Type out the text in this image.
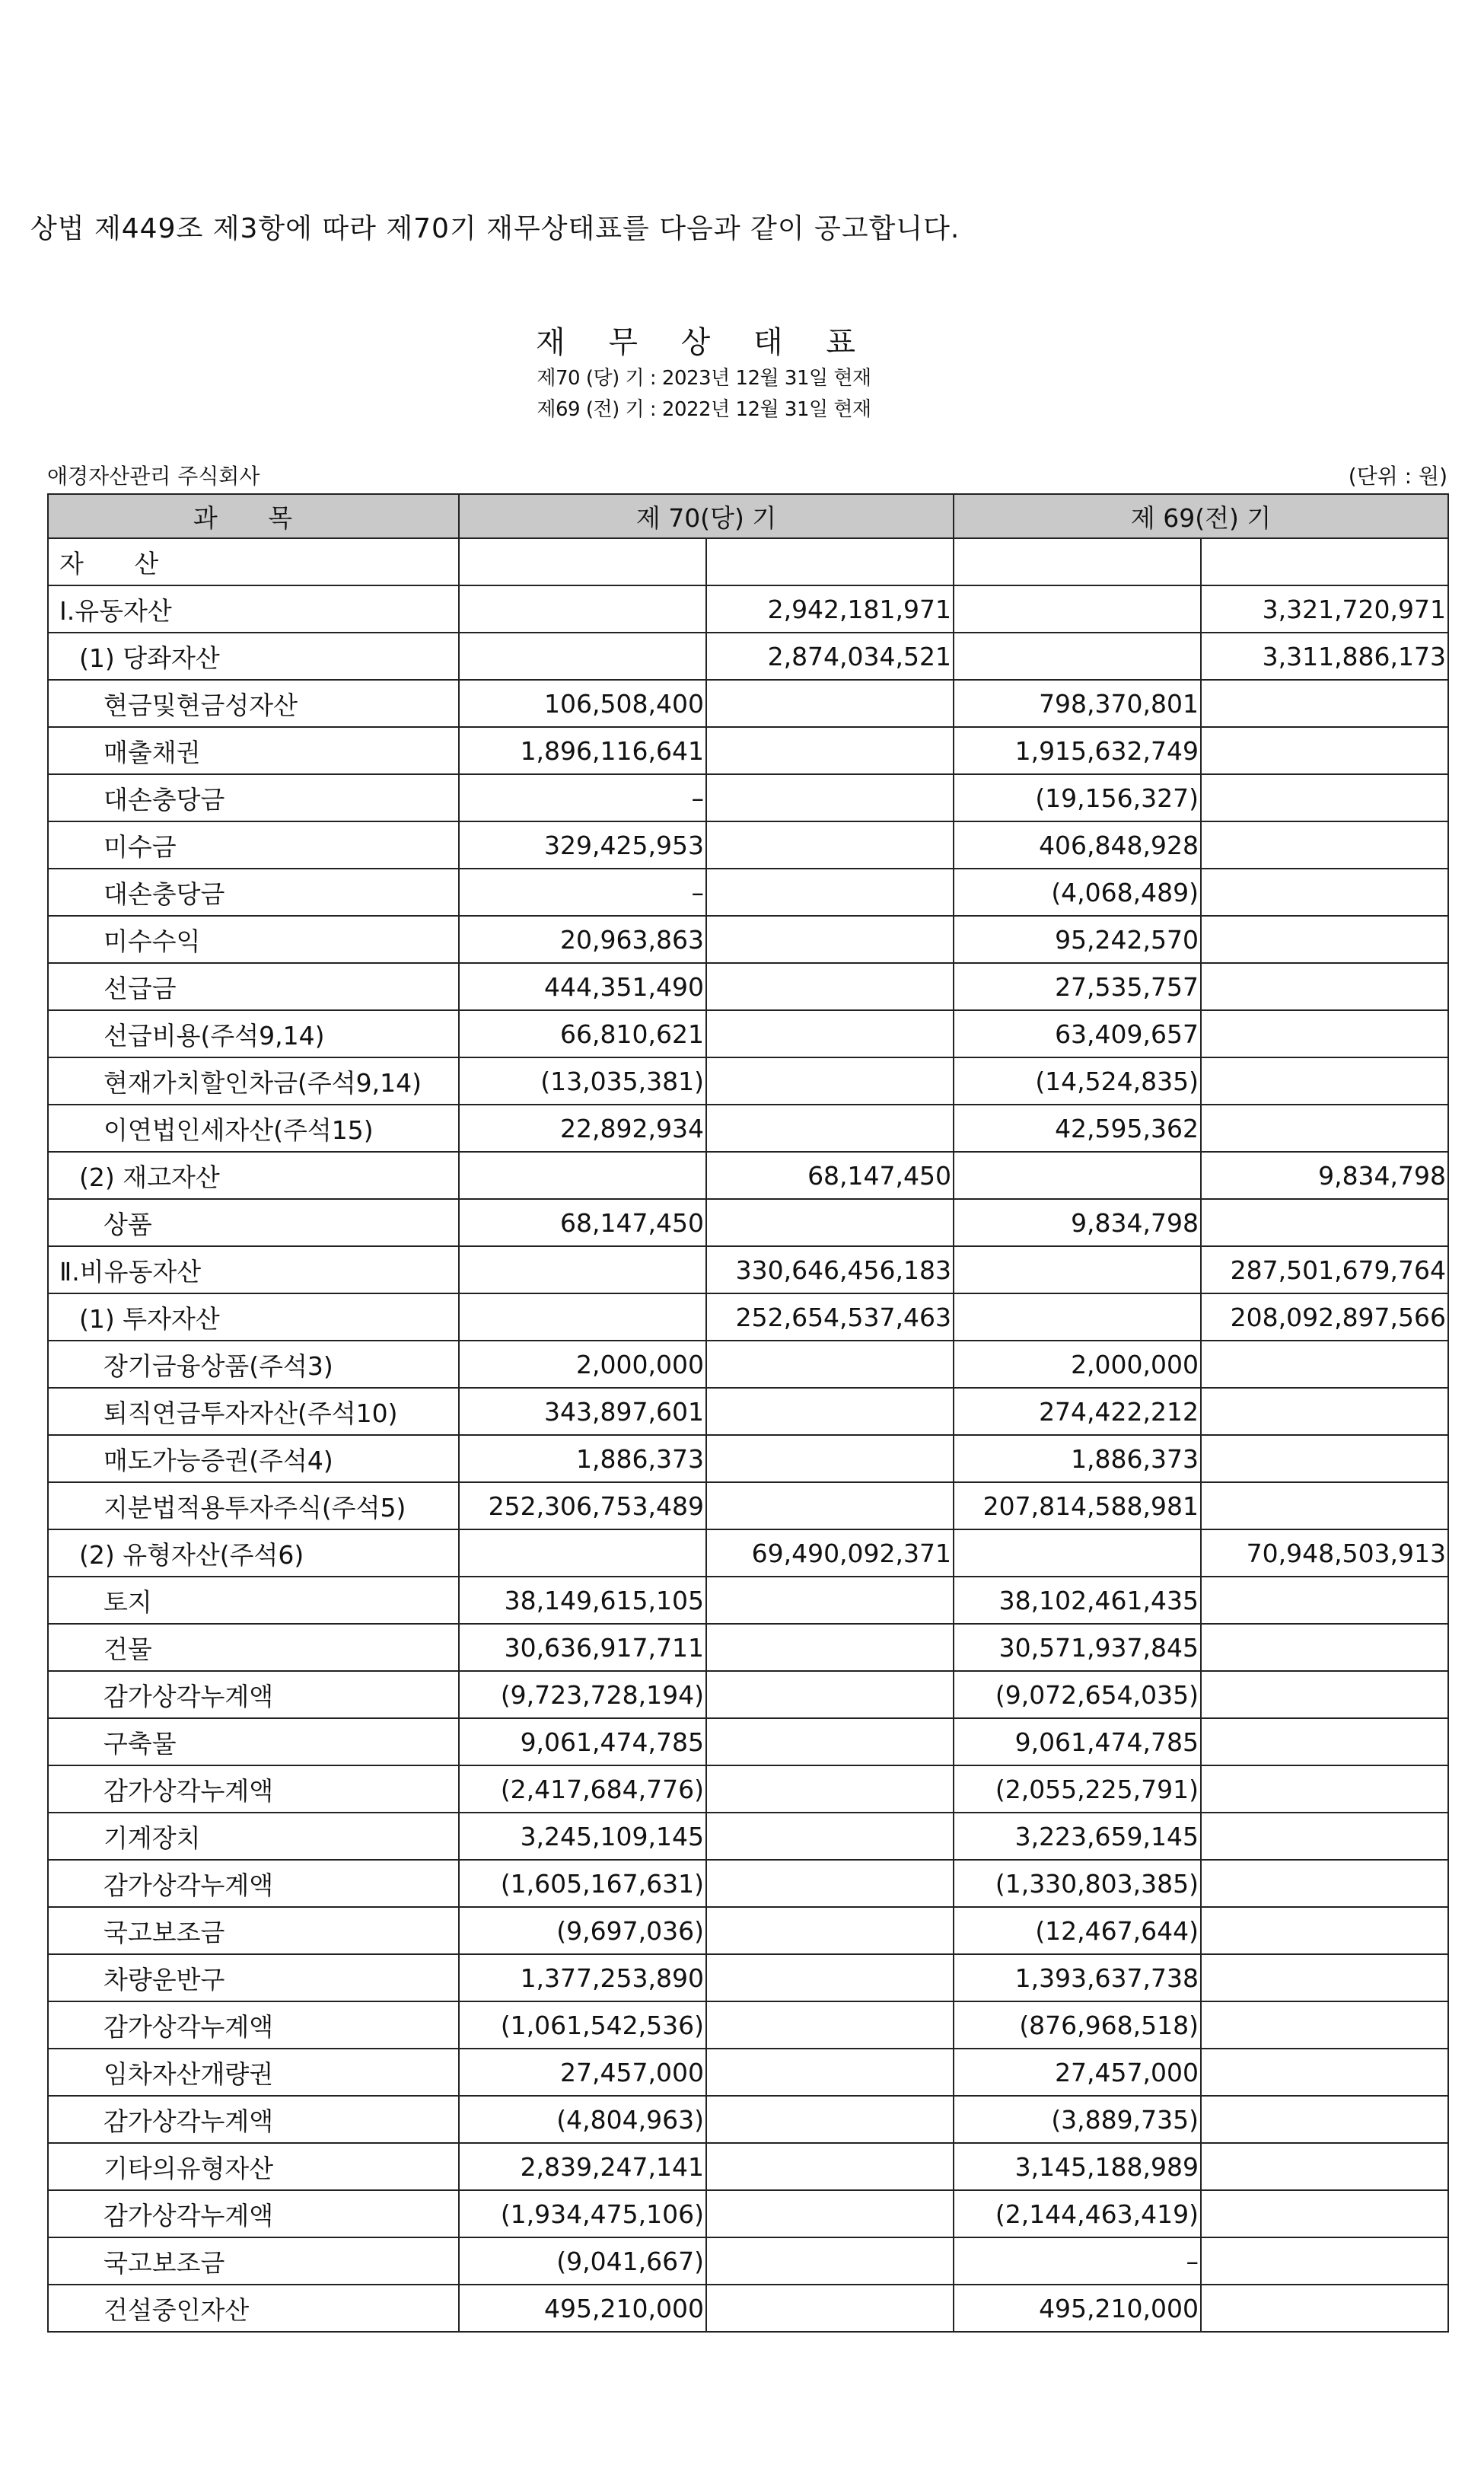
상법 제449조 제3항에 따라 제70기 재무상태표를 다음과 같이 공고합니다.
재 무 상 태 표
제70 (당) 기 : 2023년 12월 31일 현재
제69 (전) 기 : 2022년 12월 31일 현재
애경자산관리 주식회사	(단위 : 원)
과 목	제 70(당) 기		제 69(전) 기	
자 산				
Ⅰ.유동자산		2,942,181,971		3,321,720,971
(1) 당좌자산		2,874,034,521		3,311,886,173
현금및현금성자산	106,508,400		798,370,801	
매출채권	1,896,116,641		1,915,632,749	
대손충당금	–		(19,156,327)	
미수금	329,425,953		406,848,928	
대손충당금	–		(4,068,489)	
미수수익	20,963,863		95,242,570	
선급금	444,351,490		27,535,757	
선급비용(주석9,14)	66,810,621		63,409,657	
현재가치할인차금(주석9,14)	(13,035,381)		(14,524,835)	
이연법인세자산(주석15)	22,892,934		42,595,362	
(2) 재고자산		68,147,450		9,834,798
상품	68,147,450		9,834,798	
Ⅱ.비유동자산		330,646,456,183		287,501,679,764
(1) 투자자산		252,654,537,463		208,092,897,566
장기금융상품(주석3)	2,000,000		2,000,000	
퇴직연금투자자산(주석10)	343,897,601		274,422,212	
매도가능증권(주석4)	1,886,373		1,886,373	
지분법적용투자주식(주석5)	252,306,753,489		207,814,588,981	
(2) 유형자산(주석6)		69,490,092,371		70,948,503,913
토지	38,149,615,105		38,102,461,435	
건물	30,636,917,711		30,571,937,845	
감가상각누계액	(9,723,728,194)		(9,072,654,035)	
구축물	9,061,474,785		9,061,474,785	
감가상각누계액	(2,417,684,776)		(2,055,225,791)	
기계장치	3,245,109,145		3,223,659,145	
감가상각누계액	(1,605,167,631)		(1,330,803,385)	
국고보조금	(9,697,036)		(12,467,644)	
차량운반구	1,377,253,890		1,393,637,738	
감가상각누계액	(1,061,542,536)		(876,968,518)	
임차자산개량권	27,457,000		27,457,000	
감가상각누계액	(4,804,963)		(3,889,735)	
기타의유형자산	2,839,247,141		3,145,188,989	
감가상각누계액	(1,934,475,106)		(2,144,463,419)	
국고보조금	(9,041,667)		–	
건설중인자산	495,210,000		495,210,000	
